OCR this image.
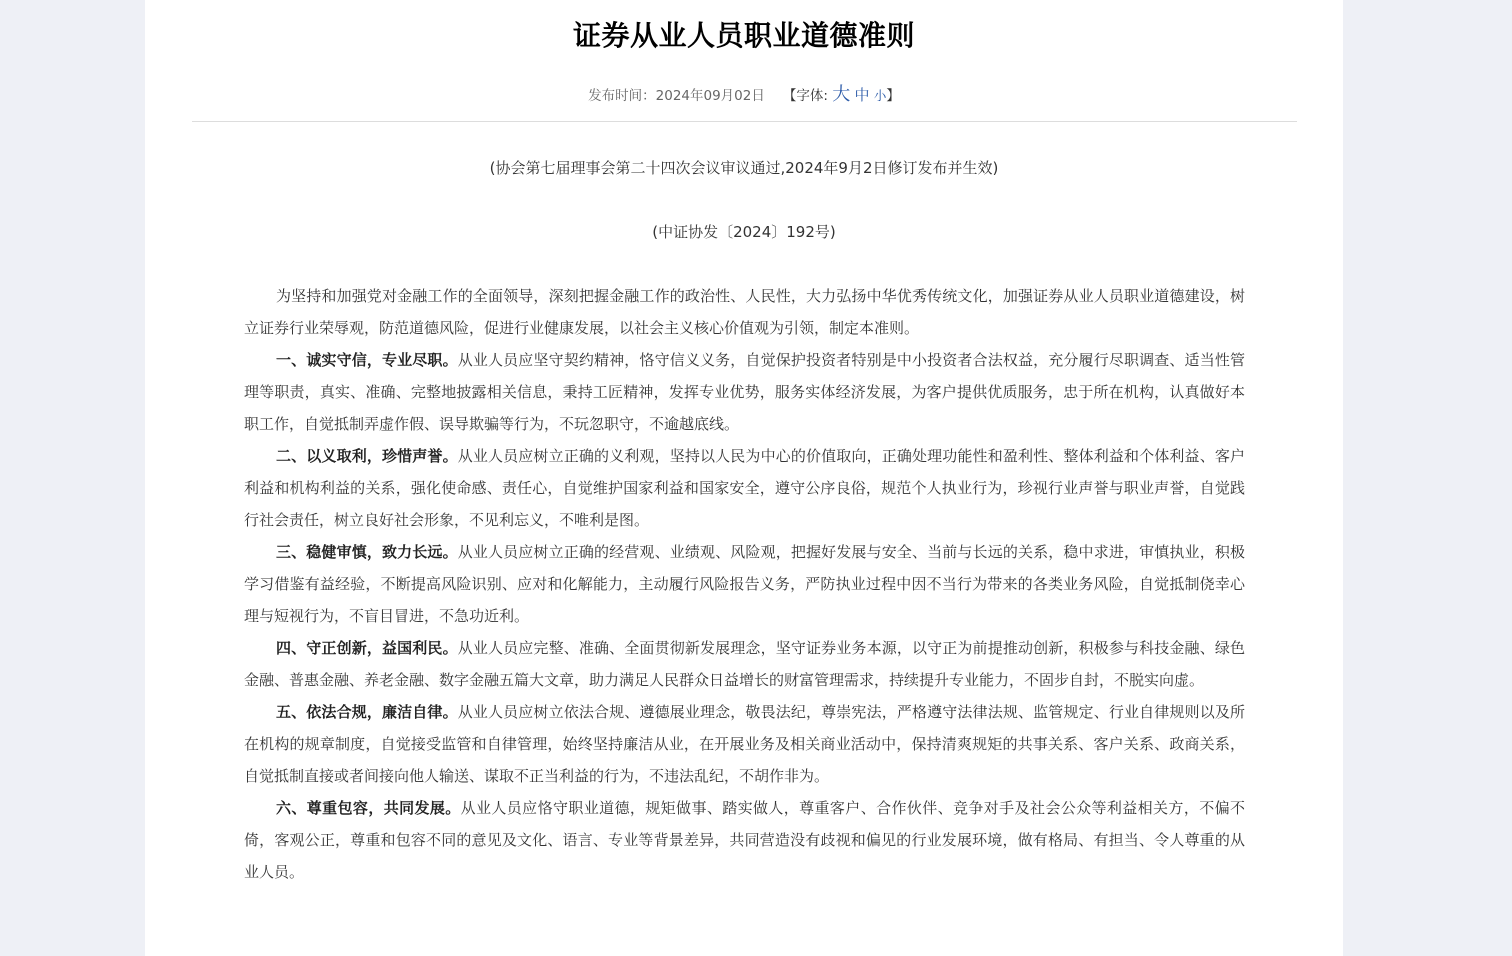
证券从业人员职业道德准则
发布时间：2024年09月02日 【字体: 大 中 小】
(协会第七届理事会第二十四次会议审议通过,2024年9月2日修订发布并生效)
(中证协发〔2024〕192号)

为坚持和加强党对金融工作的全面领导，深刻把握金融工作的政治性、人民性，大力弘扬中华优秀传统文化，加强证券从业人员职业道德建设，树立证券行业荣辱观，防范道德风险，促进行业健康发展，以社会主义核心价值观为引领，制定本准则。

一、诚实守信，专业尽职。从业人员应坚守契约精神，恪守信义义务，自觉保护投资者特别是中小投资者合法权益，充分履行尽职调查、适当性管理等职责，真实、准确、完整地披露相关信息，秉持工匠精神，发挥专业优势，服务实体经济发展，为客户提供优质服务，忠于所在机构，认真做好本职工作，自觉抵制弄虚作假、误导欺骗等行为，不玩忽职守，不逾越底线。

二、以义取利，珍惜声誉。从业人员应树立正确的义利观，坚持以人民为中心的价值取向，正确处理功能性和盈利性、整体利益和个体利益、客户利益和机构利益的关系，强化使命感、责任心，自觉维护国家利益和国家安全，遵守公序良俗，规范个人执业行为，珍视行业声誉与职业声誉，自觉践行社会责任，树立良好社会形象，不见利忘义，不唯利是图。

三、稳健审慎，致力长远。从业人员应树立正确的经营观、业绩观、风险观，把握好发展与安全、当前与长远的关系，稳中求进，审慎执业，积极学习借鉴有益经验，不断提高风险识别、应对和化解能力，主动履行风险报告义务，严防执业过程中因不当行为带来的各类业务风险，自觉抵制侥幸心理与短视行为，不盲目冒进，不急功近利。

四、守正创新，益国利民。从业人员应完整、准确、全面贯彻新发展理念，坚守证券业务本源，以守正为前提推动创新，积极参与科技金融、绿色金融、普惠金融、养老金融、数字金融五篇大文章，助力满足人民群众日益增长的财富管理需求，持续提升专业能力，不固步自封，不脱实向虚。

五、依法合规，廉洁自律。从业人员应树立依法合规、遵德展业理念，敬畏法纪，尊崇宪法，严格遵守法律法规、监管规定、行业自律规则以及所在机构的规章制度，自觉接受监管和自律管理，始终坚持廉洁从业，在开展业务及相关商业活动中，保持清爽规矩的共事关系、客户关系、政商关系，自觉抵制直接或者间接向他人输送、谋取不正当利益的行为，不违法乱纪，不胡作非为。

六、尊重包容，共同发展。从业人员应恪守职业道德，规矩做事、踏实做人，尊重客户、合作伙伴、竞争对手及社会公众等利益相关方，不偏不倚，客观公正，尊重和包容不同的意见及文化、语言、专业等背景差异，共同营造没有歧视和偏见的行业发展环境，做有格局、有担当、令人尊重的从业人员。
